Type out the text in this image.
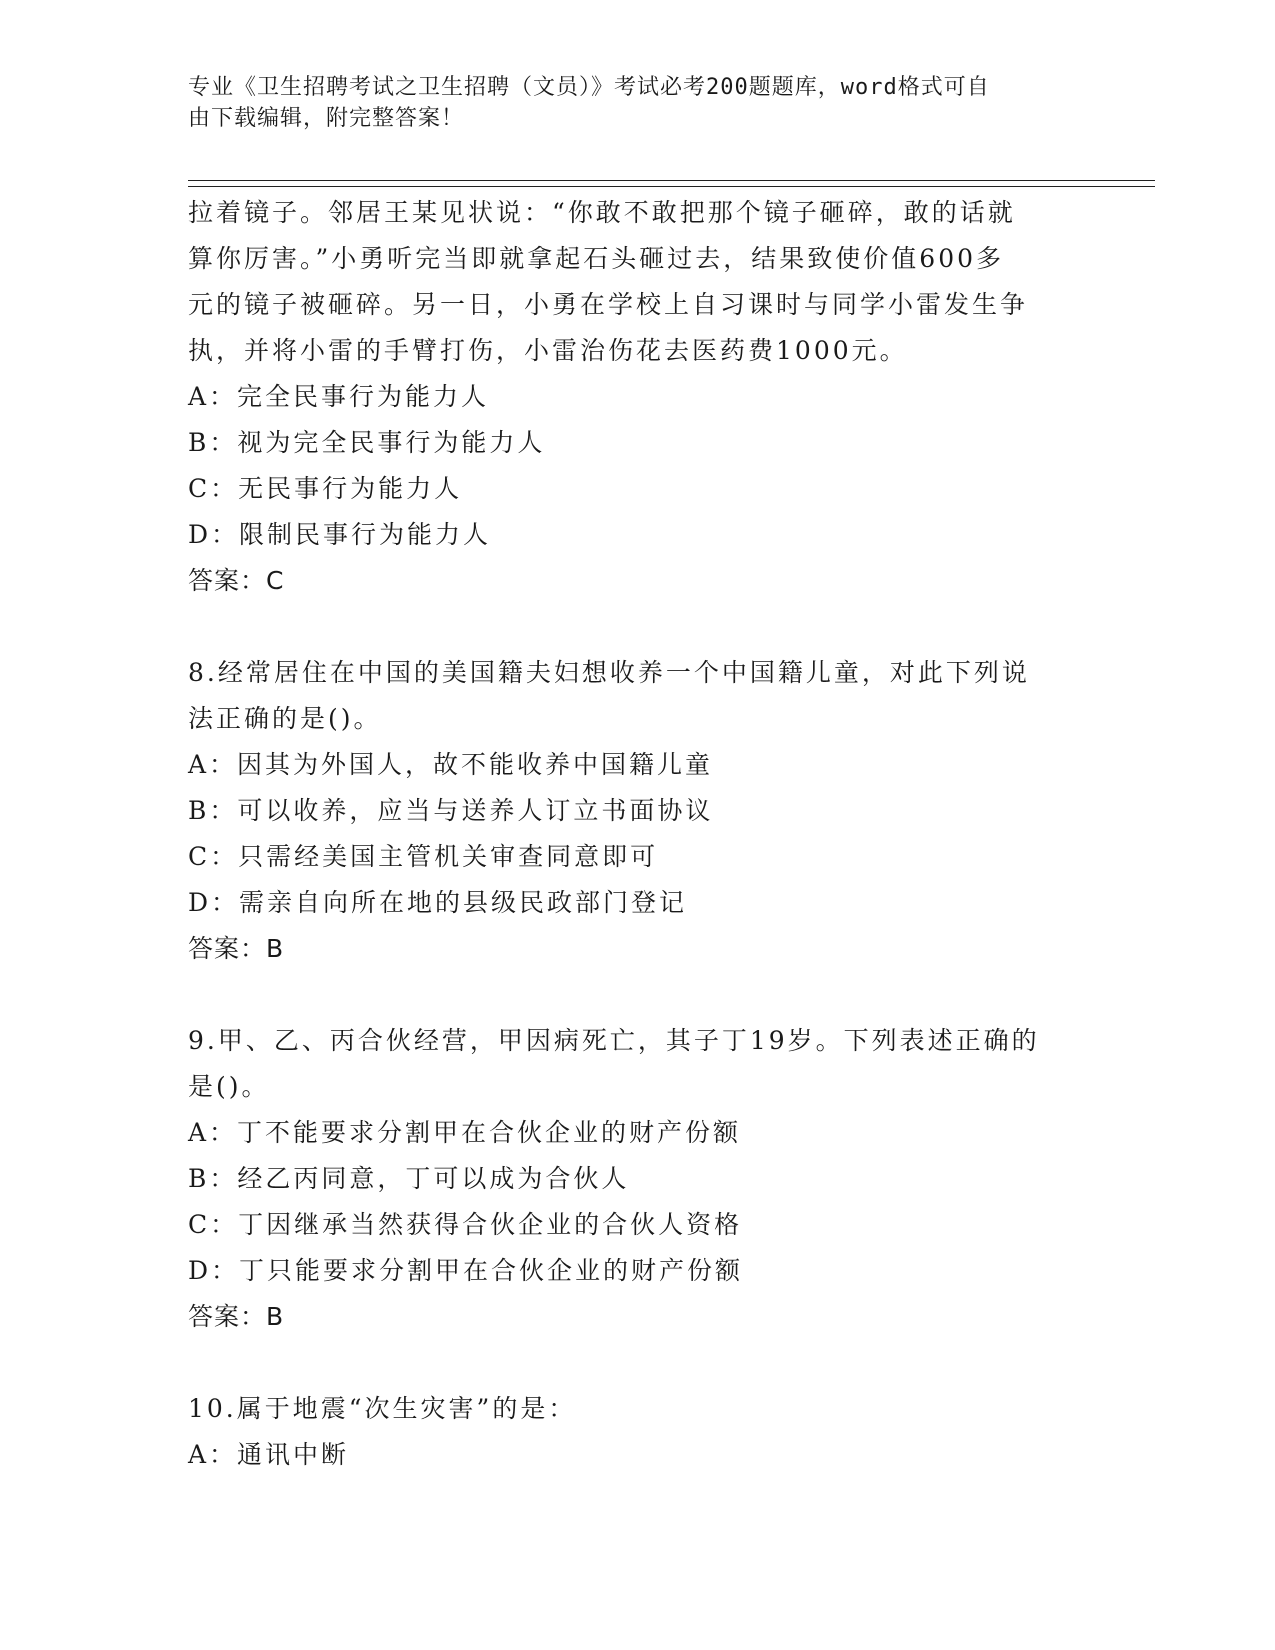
专业《卫生招聘考试之卫生招聘（文员）》考试必考200题题库，word格式可自
由下载编辑，附完整答案！
拉着镜子。邻居王某见状说：“你敢不敢把那个镜子砸碎，敢的话就
算你厉害。”小勇听完当即就拿起石头砸过去，结果致使价值600多
元的镜子被砸碎。另一日，小勇在学校上自习课时与同学小雷发生争
执，并将小雷的手臂打伤，小雷治伤花去医药费1000元。
A：完全民事行为能力人
B：视为完全民事行为能力人
C：无民事行为能力人
D：限制民事行为能力人
答案：C
8.经常居住在中国的美国籍夫妇想收养一个中国籍儿童，对此下列说
法正确的是()。
A：因其为外国人，故不能收养中国籍儿童
B：可以收养，应当与送养人订立书面协议
C：只需经美国主管机关审查同意即可
D：需亲自向所在地的县级民政部门登记
答案：B
9.甲、乙、丙合伙经营，甲因病死亡，其子丁19岁。下列表述正确的
是()。
A：丁不能要求分割甲在合伙企业的财产份额
B：经乙丙同意，丁可以成为合伙人
C：丁因继承当然获得合伙企业的合伙人资格
D：丁只能要求分割甲在合伙企业的财产份额
答案：B
10.属于地震“次生灾害”的是：
A：通讯中断
